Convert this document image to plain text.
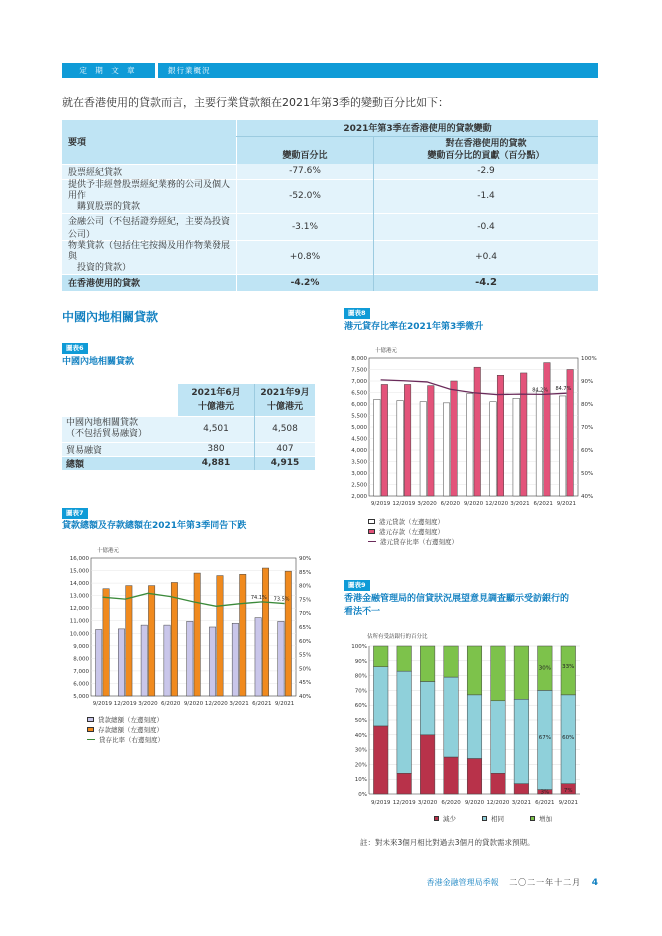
定 期 文 章	銀行業概況
就在香港使用的貸款而言，主要行業貸款額在2021年第3季的變動百分比如下：
要項	2021年第3季在香港使用的貸款變動	
	變動百分比	對在香港使用的貸款
變動百分比的貢獻（百分點）
股票經紀貸款	-77.6%	-2.9
提供予非經營股票經紀業務的公司及個人用作
　購買股票的貸款	-52.0%	-1.4
金融公司（不包括證券經紀，主要為投資公司）	-3.1%	-0.4
物業貸款（包括住宅按揭及用作物業發展與
　投資的貸款）	+0.8%	+0.4
在香港使用的貸款	-4.2%	-4.2
中國內地相關貸款
圖表6
中國內地相關貸款
	2021年6月
十億港元	2021年9月
十億港元
中國內地相關貸款
（不包括貿易融資）	4,501	4,508
貿易融資	380	407
總額	4,881	4,915
圖表7
貸款總額及存款總額在2021年第3季同告下跌
十億港元
5,000
6,000
7,000
8,000
9,000
10,000
11,000
12,000
13,000
14,000
15,000
16,000
40%
45%
50%
55%
60%
65%
70%
75%
80%
85%
90%
9/2019 12/2019 3/2020 6/2020 9/2020 12/2020 3/2021 6/2021 9/2021
74.1% 73.5%
貸款總額（左邊刻度）
存款總額（左邊刻度）
貸存比率（右邊刻度）
圖表8
港元貸存比率在2021年第3季微升
十億港元
2,000
2,500
3,000
3,500
4,000
4,500
5,000
5,500
6,000
6,500
7,000
7,500
8,000
40%
50%
60%
70%
80%
90%
100%
9/2019 12/2019 3/2020 6/2020 9/2020 12/2020 3/2021 6/2021 9/2021
84.2% 84.7%
港元貸款（左邊刻度）
港元存款（左邊刻度）
港元貸存比率（右邊刻度）
圖表9
香港金融管理局的信貸狀況展望意見調查顯示受訪銀行的
看法不一
佔所有受訪銀行的百分比
0%
10%
20%
30%
40%
50%
60%
70%
80%
90%
100%
9/2019 12/2019 3/2020 6/2020 9/2020 12/2020 3/2021 6/2021 9/2021
30% 33%
67% 60%
3%	7%
減少	相同	增加
註：對未來3個月相比對過去3個月的貸款需求預期。
香港金融管理局季報 二〇二一年十二月 4
